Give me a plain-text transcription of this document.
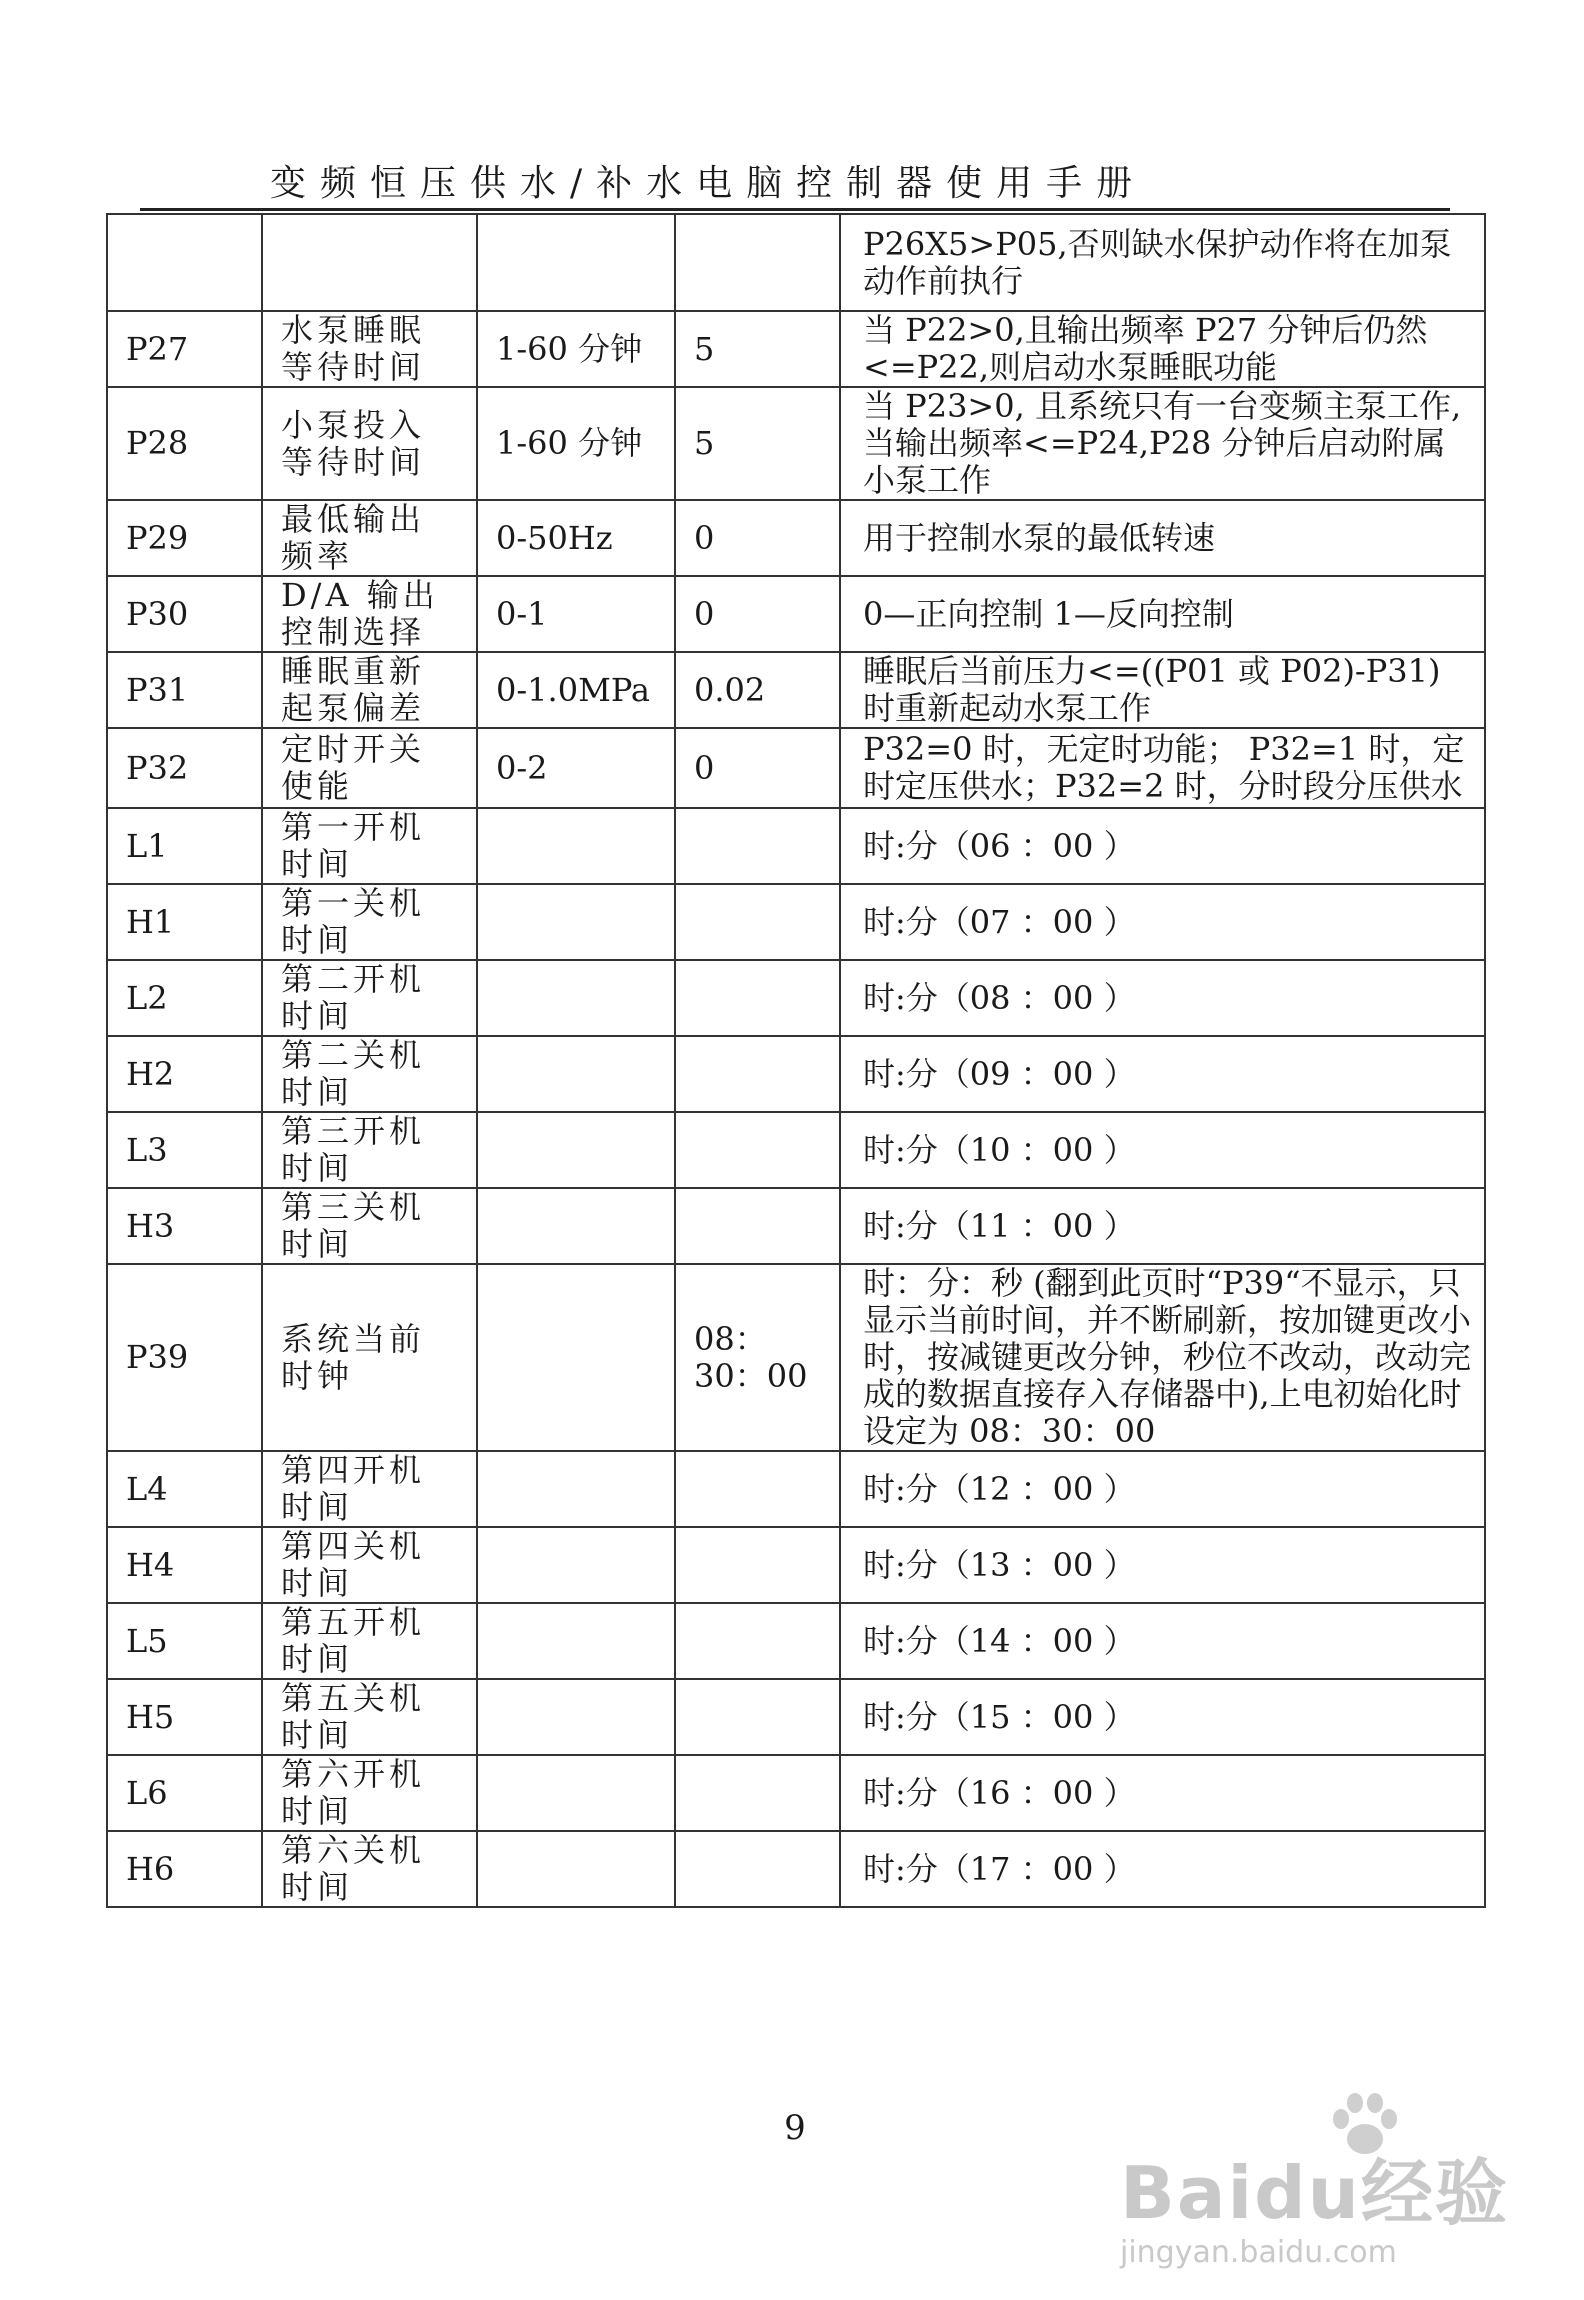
变频恒压供水/补水电脑控制器使用手册
				P26X5>P05,否则缺水保护动作将在加泵动作前执行
P27	水泵睡眠等待时间	1-60 分钟	5	当 P22>0,且输出频率 P27 分钟后仍然<=P22,则启动水泵睡眠功能
P28	小泵投入等待时间	1-60 分钟	5	当 P23>0, 且系统只有一台变频主泵工作,当输出频率<=P24,P28 分钟后启动附属小泵工作
P29	最低输出频率	0-50Hz	0	用于控制水泵的最低转速
P30	D/A 输出控制选择	0-1	0	0—正向控制 1—反向控制
P31	睡眠重新起泵偏差	0-1.0MPa	0.02	睡眠后当前压力<=((P01 或 P02)-P31)时重新起动水泵工作
P32	定时开关使能	0-2	0	P32=0 时，无定时功能； P32=1 时，定时定压供水；P32=2 时，分时段分压供水
L1	第一开机时间			时:分（06 ：00 ）
H1	第一关机时间			时:分（07 ：00 ）
L2	第二开机时间			时:分（08 ：00 ）
H2	第二关机时间			时:分（09 ：00 ）
L3	第三开机时间			时:分（10 ：00 ）
H3	第三关机时间			时:分（11 ：00 ）
P39	系统当前时钟		08：30：00	时：分：秒 (翻到此页时“P39“不显示，只显示当前时间，并不断刷新，按加键更改小时，按减键更改分钟，秒位不改动，改动完成的数据直接存入存储器中),上电初始化时设定为 08：30：00
L4	第四开机时间			时:分（12 ：00 ）
H4	第四关机时间			时:分（13 ：00 ）
L5	第五开机时间			时:分（14 ：00 ）
H5	第五关机时间			时:分（15 ：00 ）
L6	第六开机时间			时:分（16 ：00 ）
H6	第六关机时间			时:分（17 ：00 ）
9
Baidu经验
jingyan.baidu.com
